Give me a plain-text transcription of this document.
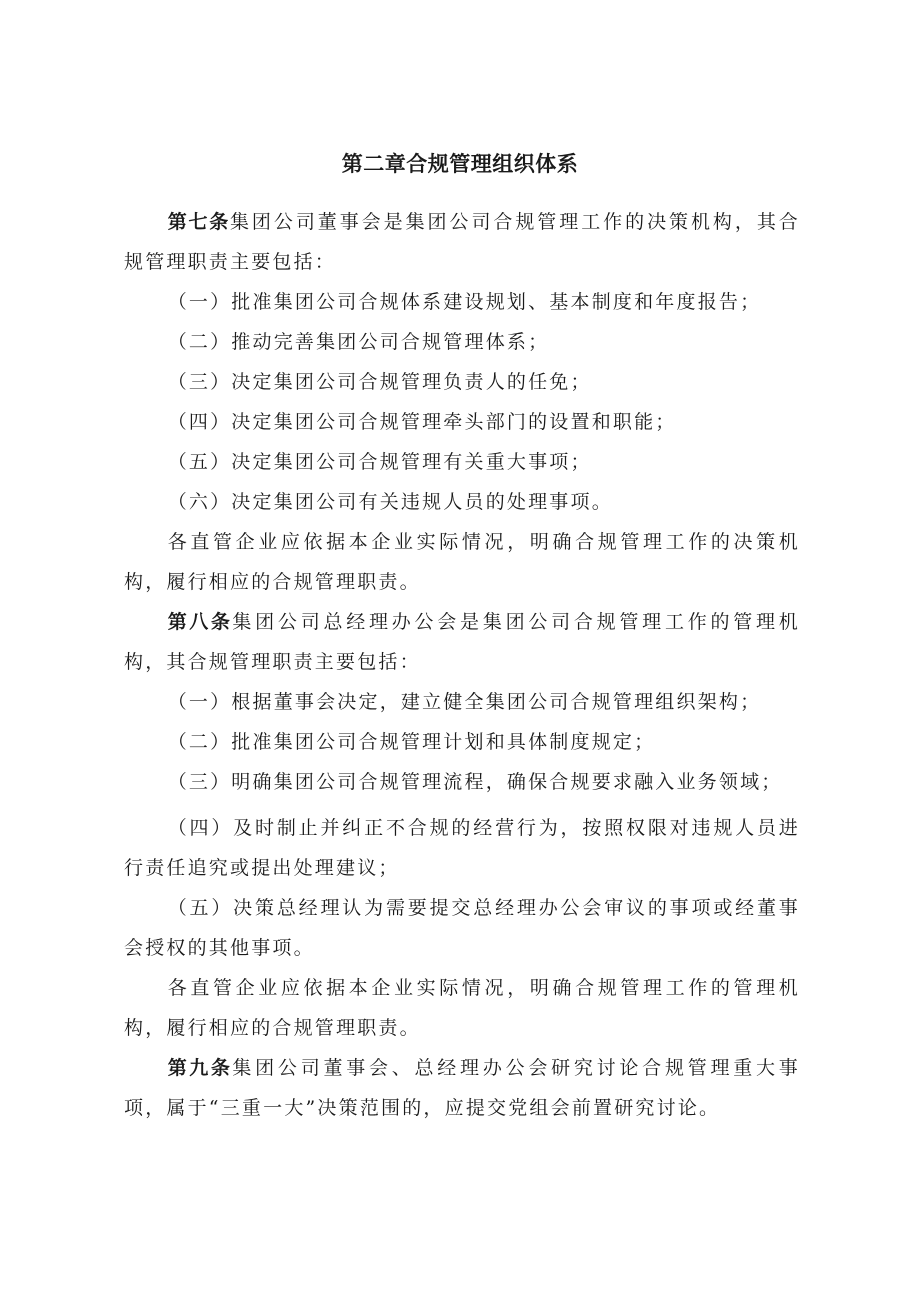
第二章合规管理组织体系

第七条集团公司董事会是集团公司合规管理工作的决策机构，其合规管理职责主要包括：

（一）批准集团公司合规体系建设规划、基本制度和年度报告；

（二）推动完善集团公司合规管理体系；

（三）决定集团公司合规管理负责人的任免；

（四）决定集团公司合规管理牵头部门的设置和职能；

（五）决定集团公司合规管理有关重大事项；

（六）决定集团公司有关违规人员的处理事项。

各直管企业应依据本企业实际情况，明确合规管理工作的决策机构，履行相应的合规管理职责。

第八条集团公司总经理办公会是集团公司合规管理工作的管理机构，其合规管理职责主要包括：

（一）根据董事会决定，建立健全集团公司合规管理组织架构；

（二）批准集团公司合规管理计划和具体制度规定；

（三）明确集团公司合规管理流程，确保合规要求融入业务领域；

（四）及时制止并纠正不合规的经营行为，按照权限对违规人员进行责任追究或提出处理建议；

（五）决策总经理认为需要提交总经理办公会审议的事项或经董事会授权的其他事项。

各直管企业应依据本企业实际情况，明确合规管理工作的管理机构，履行相应的合规管理职责。

第九条集团公司董事会、总经理办公会研究讨论合规管理重大事项，属于“三重一大”决策范围的，应提交党组会前置研究讨论。
